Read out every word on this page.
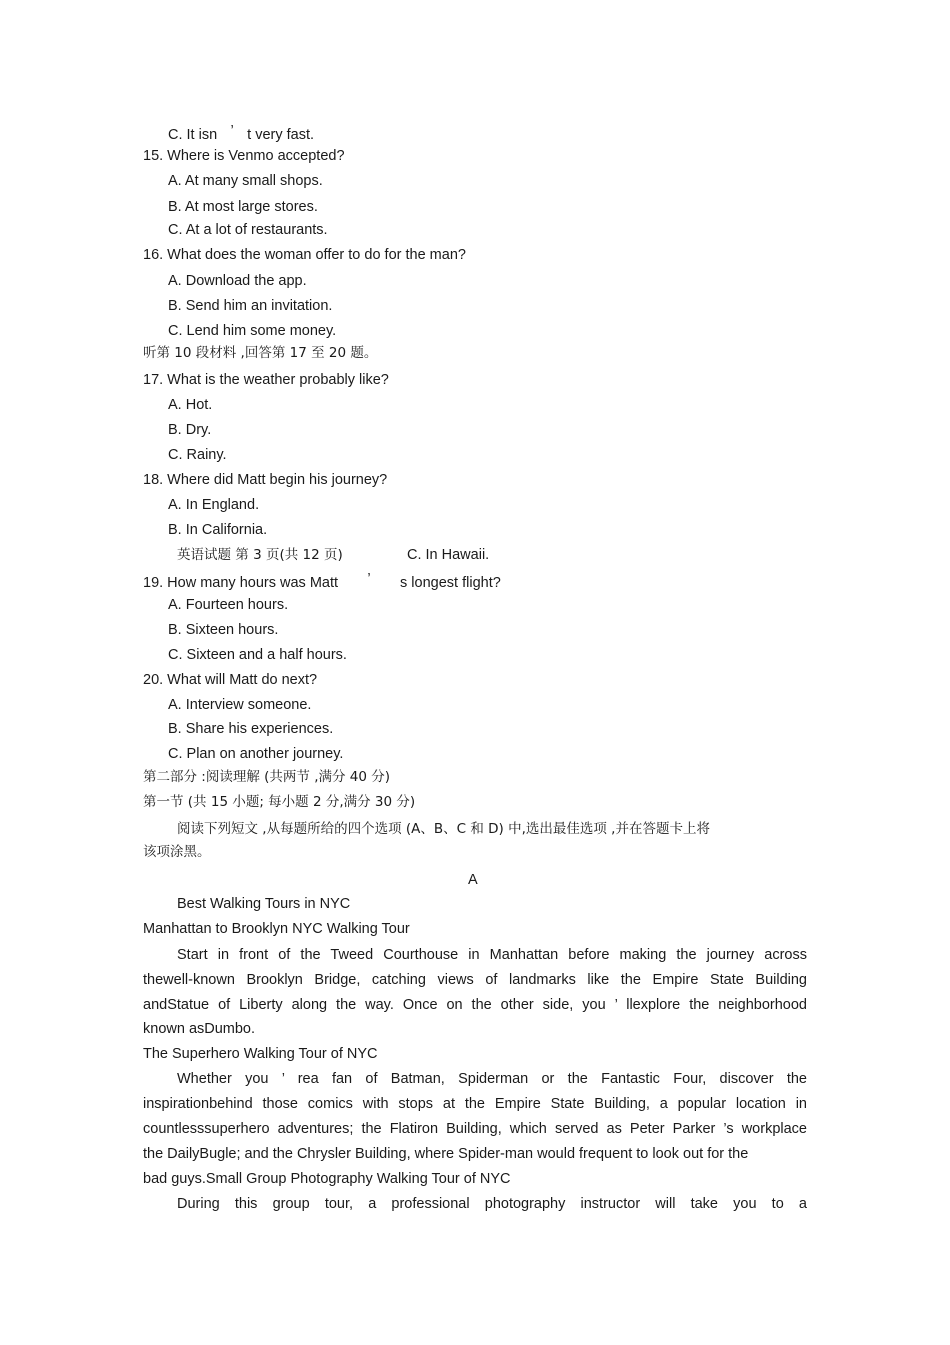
C. It isn ’ t very fast.
15. Where is Venmo accepted?
A. At many small shops.
B. At most large stores.
C. At a lot of restaurants.
16. What does the woman offer to do for the man?
A. Download the app.
B. Send him an invitation.
C. Lend him some money.
听第 10 段材料 ,回答第 17 至 20 题。
17. What is the weather probably like?
A. Hot.
B. Dry.
C. Rainy.
18. Where did Matt begin his journey?
A. In England.
B. In California.
英语试题 第 3 页(共 12 页)	C. In Hawaii.
19. How many hours was Matt ’ s longest flight?
A. Fourteen hours.
B. Sixteen hours.
C. Sixteen and a half hours.
20. What will Matt do next?
A. Interview someone.
B. Share his experiences.
C. Plan on another journey.
第二部分 :阅读理解 (共两节 ,满分 40 分)
第一节 (共 15 小题; 每小题 2 分,满分 30 分)
阅读下列短文 ,从每题所给的四个选项 (A、B、C 和 D) 中,选出最佳选项 ,并在答题卡上将
该项涂黑。
A
Best Walking Tours in NYC
Manhattan to Brooklyn NYC Walking Tour
Start in front of the Tweed Courthouse in Manhattan before making the journey across
thewell-known Brooklyn Bridge, catching views of landmarks like the Empire State Building
andStatue of Liberty along the way. Once on the other side, you ’ llexplore the neighborhood
known asDumbo.
The Superhero Walking Tour of NYC
Whether you ’ rea fan of Batman, Spiderman or the Fantastic Four, discover the
inspirationbehind those comics with stops at the Empire State Building, a popular location in
countlesssuperhero adventures; the Flatiron Building, which served as Peter Parker ’s workplace
the DailyBugle; and the Chrysler Building, where Spider-man would frequent to look out for the
bad guys.Small Group Photography Walking Tour of NYC
During this group tour, a professional photography instructor will take you to a
